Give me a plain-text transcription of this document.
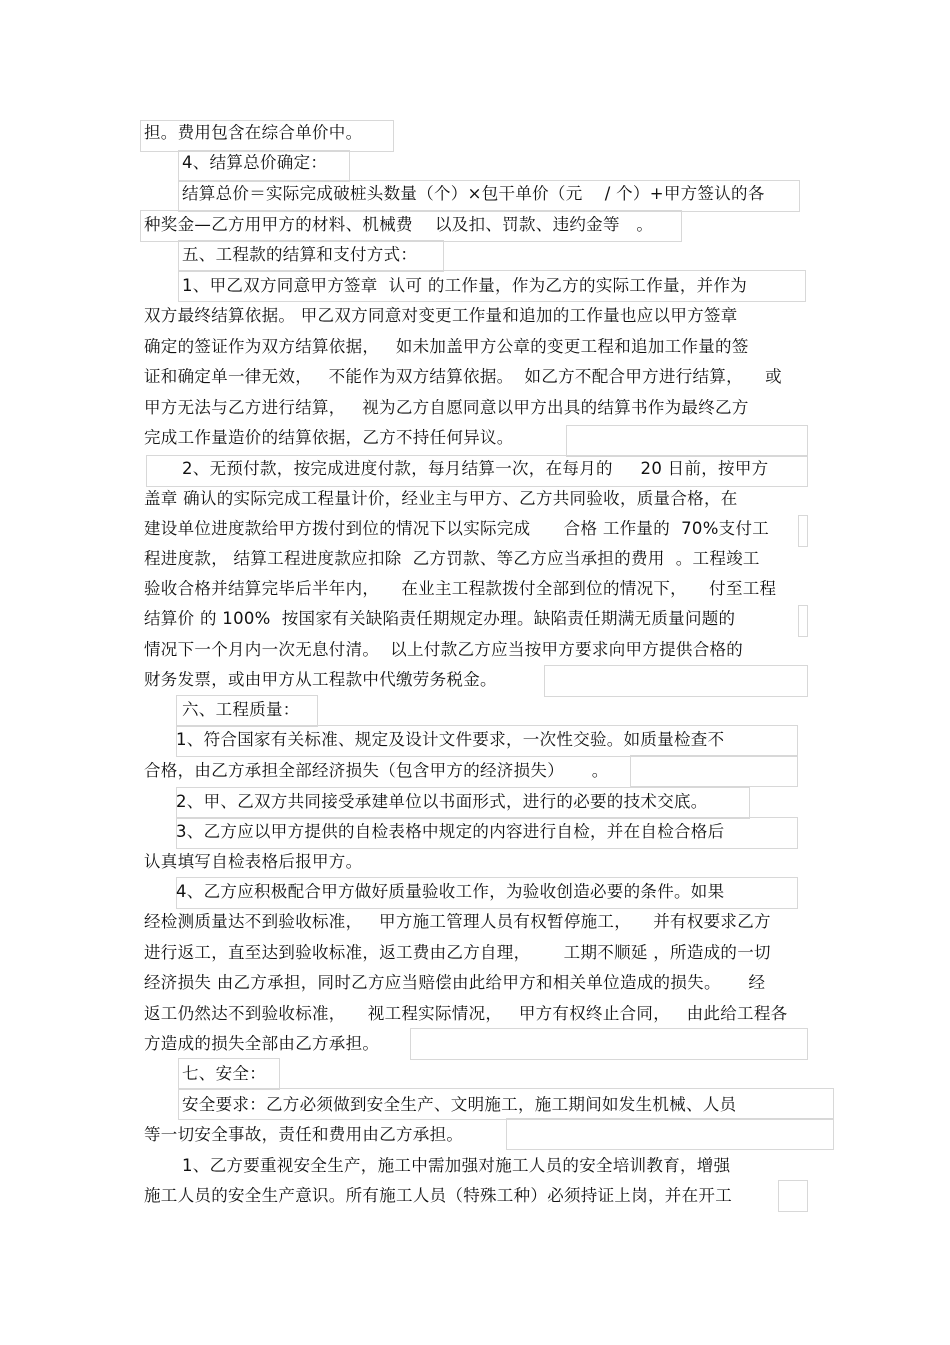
担。费用包含在综合单价中。
4、结算总价确定：
结算总价＝实际完成破桩头数量（个）×包干单价（元    / 个）+甲方签认的各
种奖金—乙方用甲方的材料、机械费    以及扣、罚款、违约金等   。
五、工程款的结算和支付方式：
1、甲乙双方同意甲方签章  认可 的工作量，作为乙方的实际工作量，并作为
双方最终结算依据。 甲乙双方同意对变更工作量和追加的工作量也应以甲方签章
确定的签证作为双方结算依据，   如未加盖甲方公章的变更工程和追加工作量的签
证和确定单一律无效，   不能作为双方结算依据。  如乙方不配合甲方进行结算，    或
甲方无法与乙方进行结算，   视为乙方自愿同意以甲方出具的结算书作为最终乙方
完成工作量造价的结算依据，乙方不持任何异议。
2、无预付款，按完成进度付款，每月结算一次，在每月的     20 日前，按甲方
盖章 确认的实际完成工程量计价，经业主与甲方、乙方共同验收，质量合格，在
建设单位进度款给甲方拨付到位的情况下以实际完成      合格 工作量的  70%支付工
程进度款， 结算工程进度款应扣除  乙方罚款、等乙方应当承担的费用  。工程竣工
验收合格并结算完毕后半年内，    在业主工程款拨付全部到位的情况下，    付至工程
结算价 的 100%  按国家有关缺陷责任期规定办理。缺陷责任期满无质量问题的
情况下一个月内一次无息付清。  以上付款乙方应当按甲方要求向甲方提供合格的
财务发票，或由甲方从工程款中代缴劳务税金。
六、工程质量：
1、符合国家有关标准、规定及设计文件要求，一次性交验。如质量检查不
合格，由乙方承担全部经济损失（包含甲方的经济损失）     。
2、甲、乙双方共同接受承建单位以书面形式，进行的必要的技术交底。
3、乙方应以甲方提供的自检表格中规定的内容进行自检，并在自检合格后
认真填写自检表格后报甲方。
4、乙方应积极配合甲方做好质量验收工作，为验收创造必要的条件。如果
经检测质量达不到验收标准，   甲方施工管理人员有权暂停施工，    并有权要求乙方
进行返工，直至达到验收标准，返工费由乙方自理，      工期不顺延 ，所造成的一切
经济损失 由乙方承担，同时乙方应当赔偿由此给甲方和相关单位造成的损失。     经
返工仍然达不到验收标准，    视工程实际情况，   甲方有权终止合同，   由此给工程各
方造成的损失全部由乙方承担。
七、安全：
安全要求：乙方必须做到安全生产、文明施工，施工期间如发生机械、人员
等一切安全事故，责任和费用由乙方承担。
1、乙方要重视安全生产，施工中需加强对施工人员的安全培训教育，增强
施工人员的安全生产意识。所有施工人员（特殊工种）必须持证上岗，并在开工
